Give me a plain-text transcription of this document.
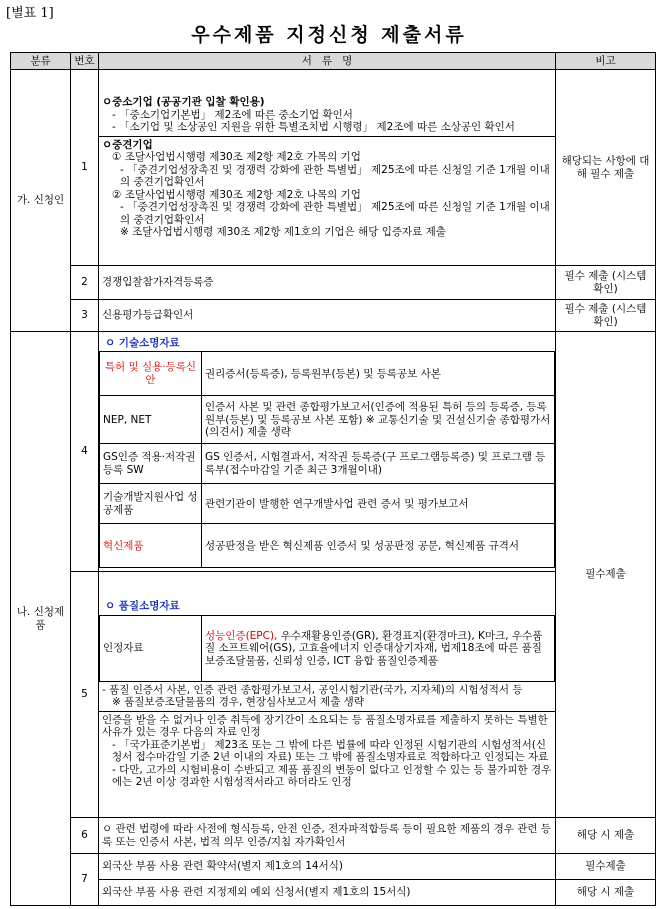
[별표 1]
우수제품 지정신청 제출서류
분류	번호	서   류   명	비고
가. 신청인	1	

ㅇ중소기업 (공공기관 입찰 확인용)

- 「중소기업기본법」 제2조에 따른 중소기업 확인서

- 「소기업 및 소상공인 지원을 위한 특별조치법 시행령」 제2조에 따른 소상공인 확인서

ㅇ중견기업

① 조달사업법시행령 제30조 제2항 제2호 가목의 기업

- 「중견기업성장촉진 및 경쟁력 강화에 관한 특별법」 제25조에 따른 신청일 기준 1개월 이내의 중견기업확인서

② 조달사업법시행령 제30조 제2항 제2호 나목의 기업

- 「중견기업성장촉진 및 경쟁력 강화에 관한 특별법」 제25조에 따른 신청일 기준 1개월 이내의 중견기업확인서

※ 조달사업법시행령 제30조 제2항 제1호의 기업은 해당 입증자료 제출

	해당되는 사항에 대해 필수 제출
2	경쟁입찰참가자격등록증	필수 제출 (시스템 확인)
3	신용평가등급확인서	필수 제출 (시스템 확인)
나. 신청제품	4	
ㅇ 기술소명자료
특허 및 실용·등록신안	권리증서(등록증), 등록원부(등본) 및 등록공보 사본
NEP, NET	인증서 사본 및 관련 종합평가보고서(인증에 적용된 특허 등의 등록증, 등록원부(등본) 및 등록공보 사본 포함) ※ 교통신기술 및 건설신기술 종합평가서(의견서) 제출 생략
GS인증 적용·저작권등록 SW	GS 인증서, 시험결과서, 저작권 등록증(구 프로그램등록증) 및 프로그램 등록부(접수마감일 기준 최근 3개월이내)
기술개발지원사업 성공제품	관련기관이 발행한 연구개발사업 관련 증서 및 평가보고서
혁신제품	성공판정을 받은 혁신제품 인증서 및 성공판정 공문, 혁신제품 규격서
	필수제출
5	
ㅇ 품질소명자료
인정자료	성능인증(EPC), 우수재활용인증(GR), 환경표지(환경마크), K마크, 우수품질 소프트웨어(GS), 고효율에너지 인증대상기자재, 법제18조에 따른 품질보증조달물품, 신뢰성 인증, ICT 융합 품질인증제품

- 품질 인증서 사본, 인증 관련 종합평가보고서, 공인시험기관(국가, 지자체)의 시험성적서 등

※ 품질보증조달물품의 경우, 현장심사보고서 제출 생략

인증을 받을 수 없거나 인증 취득에 장기간이 소요되는 등 품질소명자료를 제출하지 못하는 특별한 사유가 있는 경우 다음의 자료 인정

- 「국가표준기본법」 제23조 또는 그 밖에 다른 법률에 따라 인정된 시험기관의 시험성적서(신청서 접수마감일 기준 2년 이내의 자료) 또는 그 밖에 품질소명자료로 적합하다고 인정되는 자료

- 다만, 고가의 시험비용이 수반되고 제품 품질의 변동이 없다고 인정할 수 있는 등 불가피한 경우에는 2년 이상 경과한 시험성적서라고 하더라도 인정

6	ㅇ 관련 법령에 따라 사전에 형식등록, 안전 인증, 전자파적합등록 등이 필요한 제품의 경우 관련 등록 또는 인증서 사본, 법적 의무 인증/지침 자가확인서	해당 시 제출
7	외국산 부품 사용 관련 확약서(별지 제1호의 14서식)	필수제출
외국산 부품 사용 관련 지정제외 예외 신청서(별지 제1호의 15서식)	해당 시 제출
